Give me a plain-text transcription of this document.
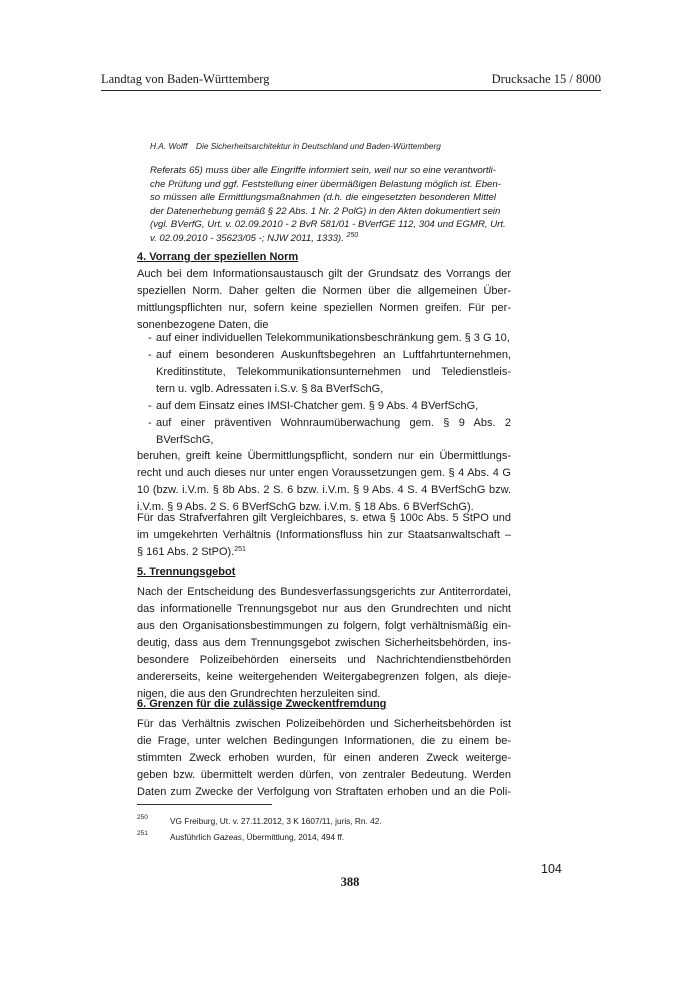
Landtag von Baden-Württemberg	Drucksache 15 / 8000
H.A. Wolff Die Sicherheitsarchitektur in Deutschland und Baden-Württemberg
Referats 65) muss über alle Eingriffe informiert sein, weil nur so eine verantwortli-
che Prüfung und ggf. Feststellung einer übermäßigen Belastung möglich ist. Eben-
so müssen alle Ermittlungsmaßnahmen (d.h. die eingesetzten besonderen Mittel
der Datenerhebung gemäß § 22 Abs. 1 Nr. 2 PolG) in den Akten dokumentiert sein
(vgl. BVerfG, Urt. v. 02.09.2010 - 2 BvR 581/01 - BVerfGE 112, 304 und EGMR, Urt.
v. 02.09.2010 - 35623/05 -; NJW 2011, 1333). $^{250}$
4. Vorrang der speziellen Norm
Auch bei dem Informationsaustausch gilt der Grundsatz des Vorrangs der
speziellen Norm. Daher gelten die Normen über die allgemeinen Über-
mittlungspflichten nur, sofern keine speziellen Normen greifen. Für per-
sonenbezogene Daten, die
- auf einer individuellen Telekommunikationsbeschränkung gem. § 3 G 10,
- auf einem besonderen Auskunftsbegehren an Luftfahrtunternehmen,
Kreditinstitute, Telekommunikationsunternehmen und Teledienstleis-
tern u. vglb. Adressaten i.S.v. § 8a BVerfSchG,
- auf dem Einsatz eines IMSI-Chatcher gem. § 9 Abs. 4 BVerfSchG,
- auf einer präventiven Wohnraumüberwachung gem. § 9 Abs. 2
BVerfSchG,
beruhen, greift keine Übermittlungspflicht, sondern nur ein Übermittlungs-
recht und auch dieses nur unter engen Voraussetzungen gem. § 4 Abs. 4 G
10 (bzw. i.V.m. § 8b Abs. 2 S. 6 bzw. i.V.m. § 9 Abs. 4 S. 4 BVerfSchG bzw.
i.V.m. § 9 Abs. 2 S. 6 BVerfSchG bzw. i.V.m. § 18 Abs. 6 BVerfSchG).
Für das Strafverfahren gilt Vergleichbares, s. etwa § 100c Abs. 5 StPO und
im umgekehrten Verhältnis (Informationsfluss hin zur Staatsanwaltschaft –
§ 161 Abs. 2 StPO).$^{251}$
5. Trennungsgebot
Nach der Entscheidung des Bundesverfassungsgerichts zur Antiterrordatei,
das informationelle Trennungsgebot nur aus den Grundrechten und nicht
aus den Organisationsbestimmungen zu folgern, folgt verhältnismäßig ein-
deutig, dass aus dem Trennungsgebot zwischen Sicherheitsbehörden, ins-
besondere Polizeibehörden einerseits und Nachrichtendienstbehörden
andererseits, keine weitergehenden Weitergabegrenzen folgen, als dieje-
nigen, die aus den Grundrechten herzuleiten sind.
6. Grenzen für die zulässige Zweckentfremdung
Für das Verhältnis zwischen Polizeibehörden und Sicherheitsbehörden ist
die Frage, unter welchen Bedingungen Informationen, die zu einem be-
stimmten Zweck erhoben wurden, für einen anderen Zweck weiterge-
geben bzw. übermittelt werden dürfen, von zentraler Bedeutung. Werden
Daten zum Zwecke der Verfolgung von Straftaten erhoben und an die Poli-
250	VG Freiburg, Ut. v. 27.11.2012, 3 K 1607/11, juris, Rn. 42.
251	Ausführlich Gazeas, Übermittlung, 2014, 494 ff.
104
388
